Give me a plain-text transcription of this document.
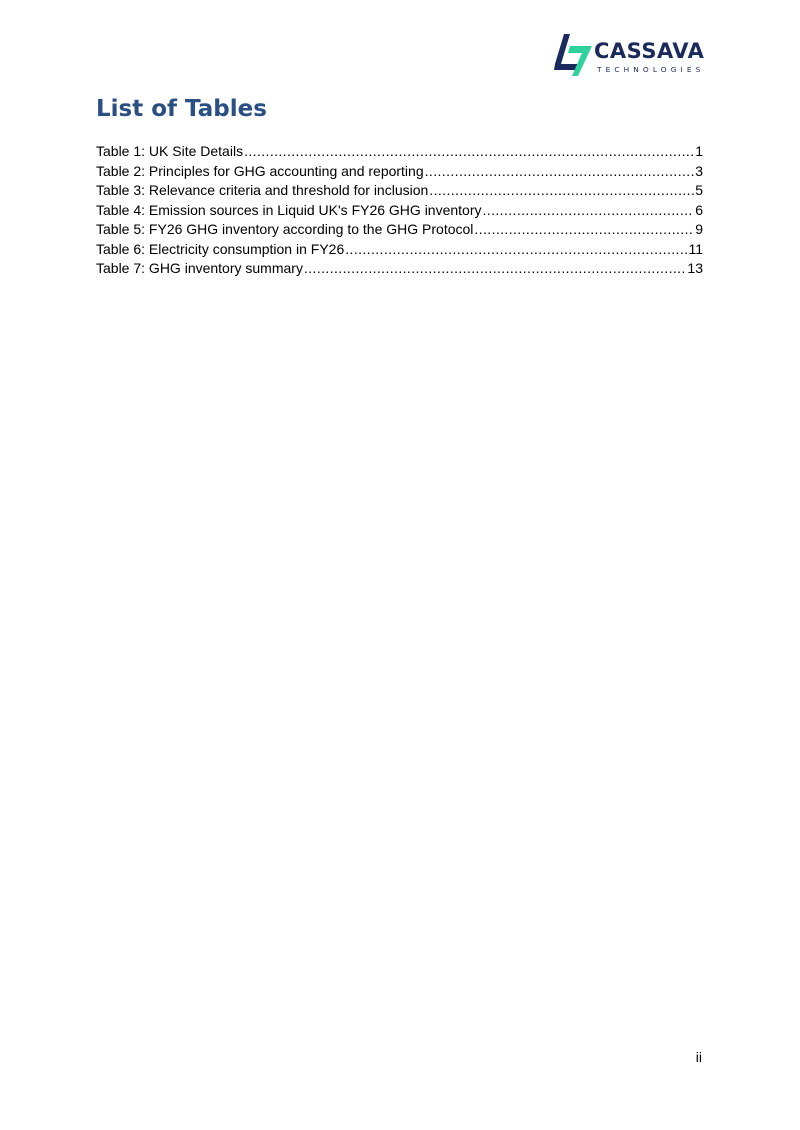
CASSAVA
TECHNOLOGIES
List of Tables
Table 1: UK Site Details .....	1
Table 2: Principles for GHG accounting and reporting .....	3
Table 3: Relevance criteria and threshold for inclusion .....	5
Table 4: Emission sources in Liquid UK's FY26 GHG inventory .....	6
Table 5: FY26 GHG inventory according to the GHG Protocol .....	9
Table 6: Electricity consumption in FY26 .....	11
Table 7: GHG inventory summary .....	13
ii
